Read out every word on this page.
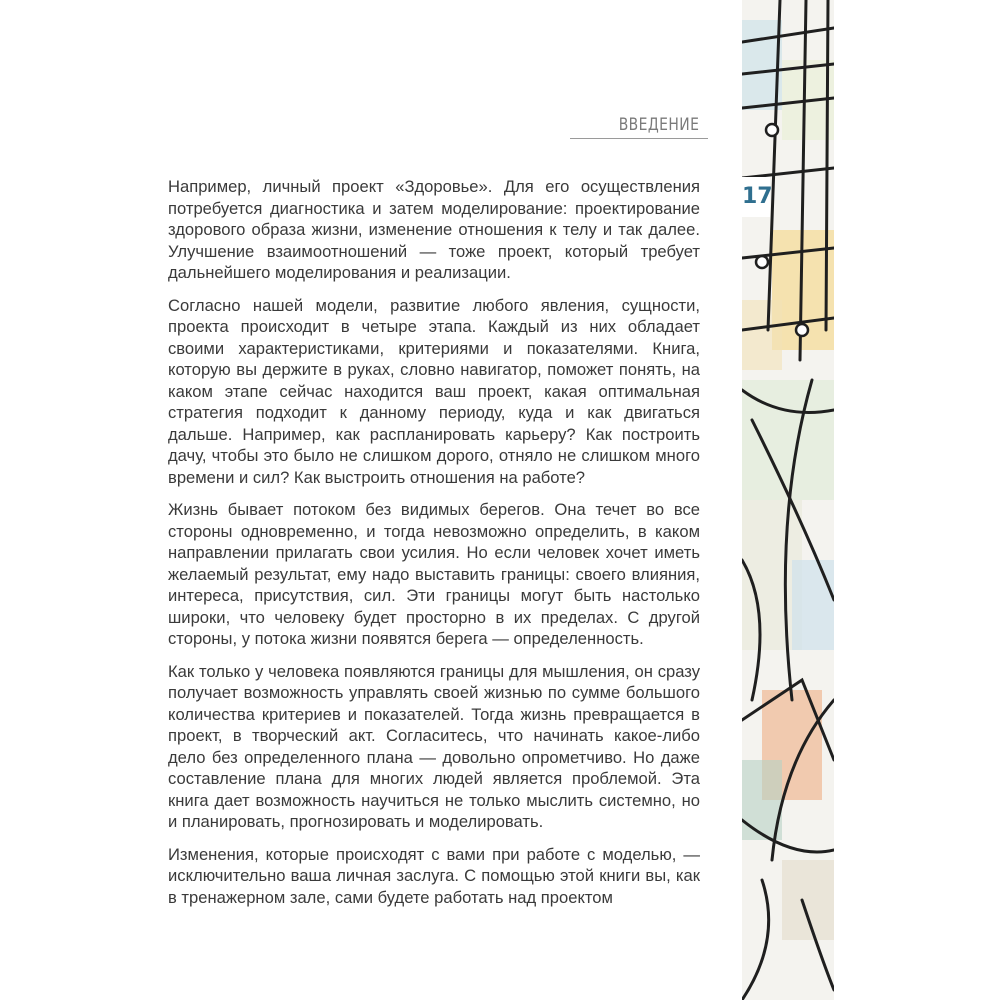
ВВЕДЕНИЕ

Например, личный проект «Здоровье». Для его осуществления потребуется диагностика и затем моделирование: проектирование здорового образа жизни, изменение отношения к телу и так далее. Улучшение взаимоотношений — тоже проект, который требует дальнейшего моделирования и реализации.

Согласно нашей модели, развитие любого явления, сущности, проекта происходит в четыре этапа. Каждый из них обладает своими характеристиками, критериями и показателями. Книга, которую вы держите в руках, словно навигатор, поможет понять, на каком этапе сейчас находится ваш проект, какая оптимальная стратегия подходит к данному периоду, куда и как двигаться дальше. Например, как распланировать карьеру? Как построить дачу, чтобы это было не слишком дорого, отняло не слишком много времени и сил? Как выстроить отношения на работе?

Жизнь бывает потоком без видимых берегов. Она течет во все стороны одновременно, и тогда невозможно определить, в каком направлении прилагать свои усилия. Но если человек хочет иметь желаемый результат, ему надо выставить границы: своего влияния, интереса, присутствия, сил. Эти границы могут быть настолько широки, что человеку будет просторно в их пределах. С другой стороны, у потока жизни появятся берега — определенность.

Как только у человека появляются границы для мышления, он сразу получает возможность управлять своей жизнью по сумме большого количества критериев и показателей. Тогда жизнь превращается в проект, в творческий акт. Согласитесь, что начинать какое-либо дело без определенного плана — довольно опрометчиво. Но даже составление плана для многих людей является проблемой. Эта книга дает возможность научиться не только мыслить системно, но и планировать, прогнозировать и моделировать.

Изменения, которые происходят с вами при работе с моделью, — исключительно ваша личная заслуга. С помощью этой книги вы, как в тренажерном зале, сами будете работать над проектом

17
